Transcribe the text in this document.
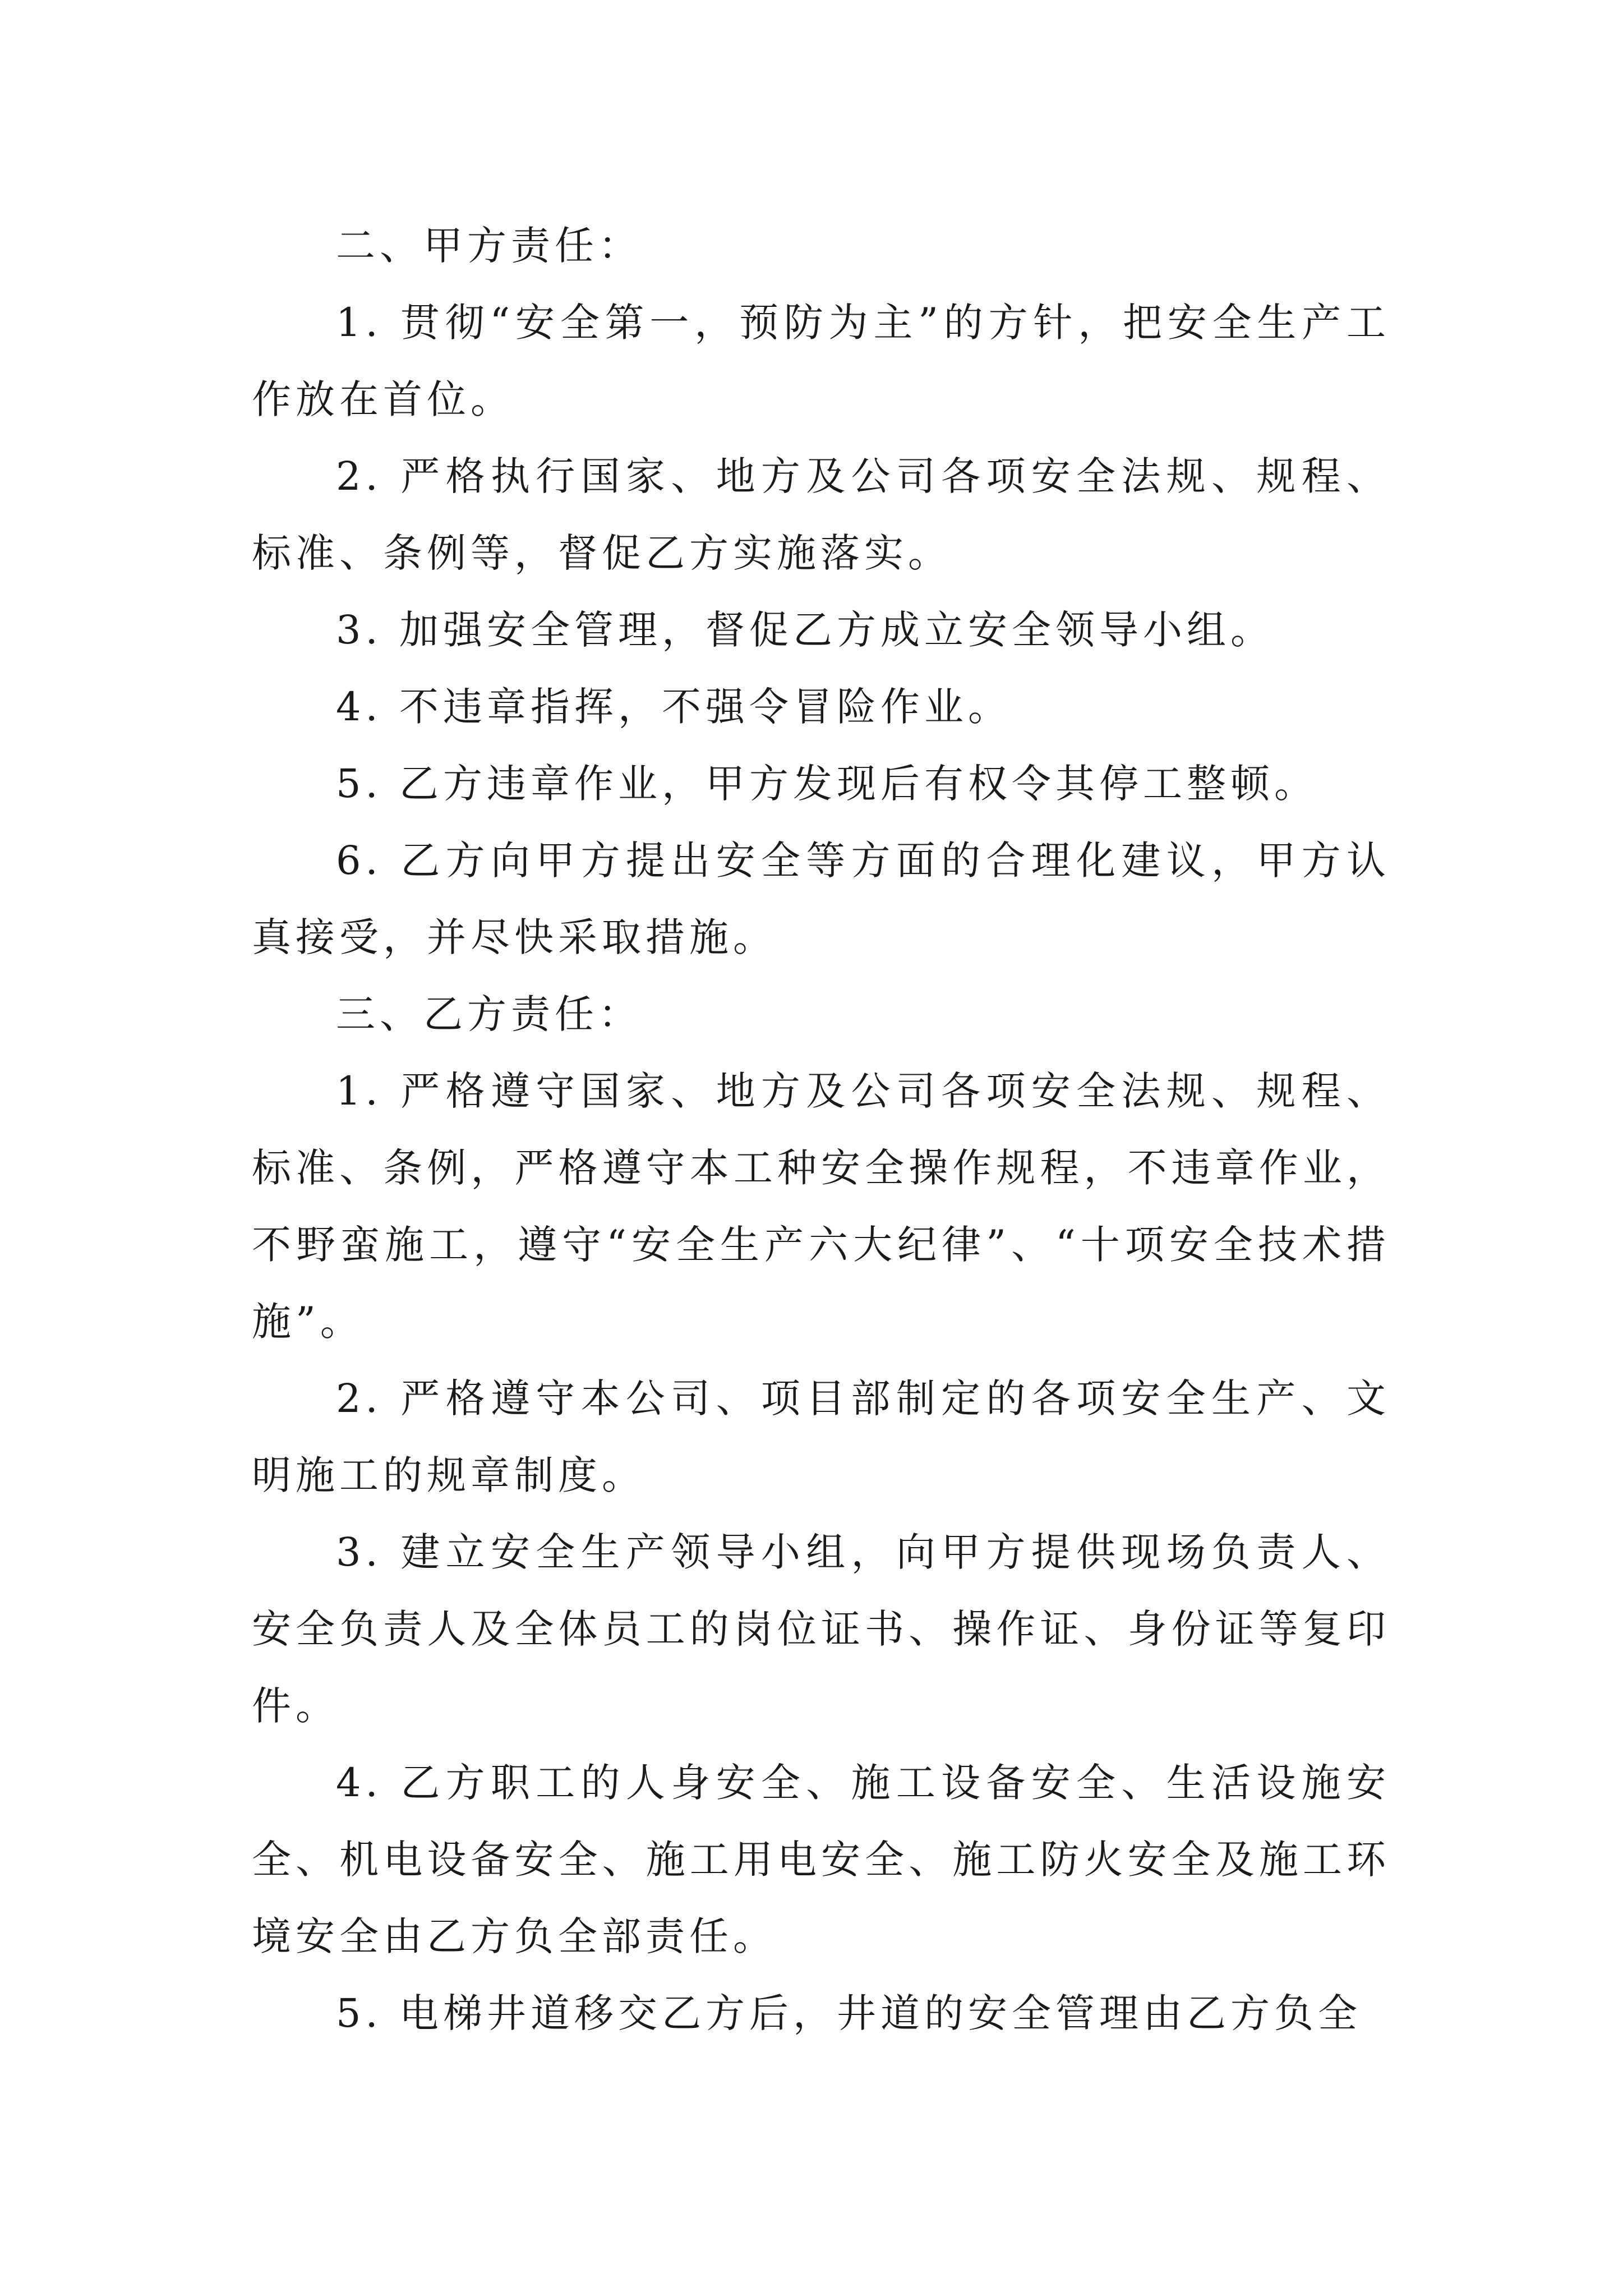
二、甲方责任：

1. 贯彻“安全第一，预防为主”的方针，把安全生产工作放在首位。

2. 严格执行国家、地方及公司各项安全法规、规程、标准、条例等，督促乙方实施落实。

3. 加强安全管理，督促乙方成立安全领导小组。

4. 不违章指挥，不强令冒险作业。

5. 乙方违章作业，甲方发现后有权令其停工整顿。

6. 乙方向甲方提出安全等方面的合理化建议，甲方认真接受，并尽快采取措施。

三、乙方责任：

1. 严格遵守国家、地方及公司各项安全法规、规程、标准、条例，严格遵守本工种安全操作规程，不违章作业，不野蛮施工，遵守“安全生产六大纪律”、“十项安全技术措施”。

2. 严格遵守本公司、项目部制定的各项安全生产、文明施工的规章制度。

3. 建立安全生产领导小组，向甲方提供现场负责人、安全负责人及全体员工的岗位证书、操作证、身份证等复印件。

4. 乙方职工的人身安全、施工设备安全、生活设施安全、机电设备安全、施工用电安全、施工防火安全及施工环境安全由乙方负全部责任。

5. 电梯井道移交乙方后，井道的安全管理由乙方负全
